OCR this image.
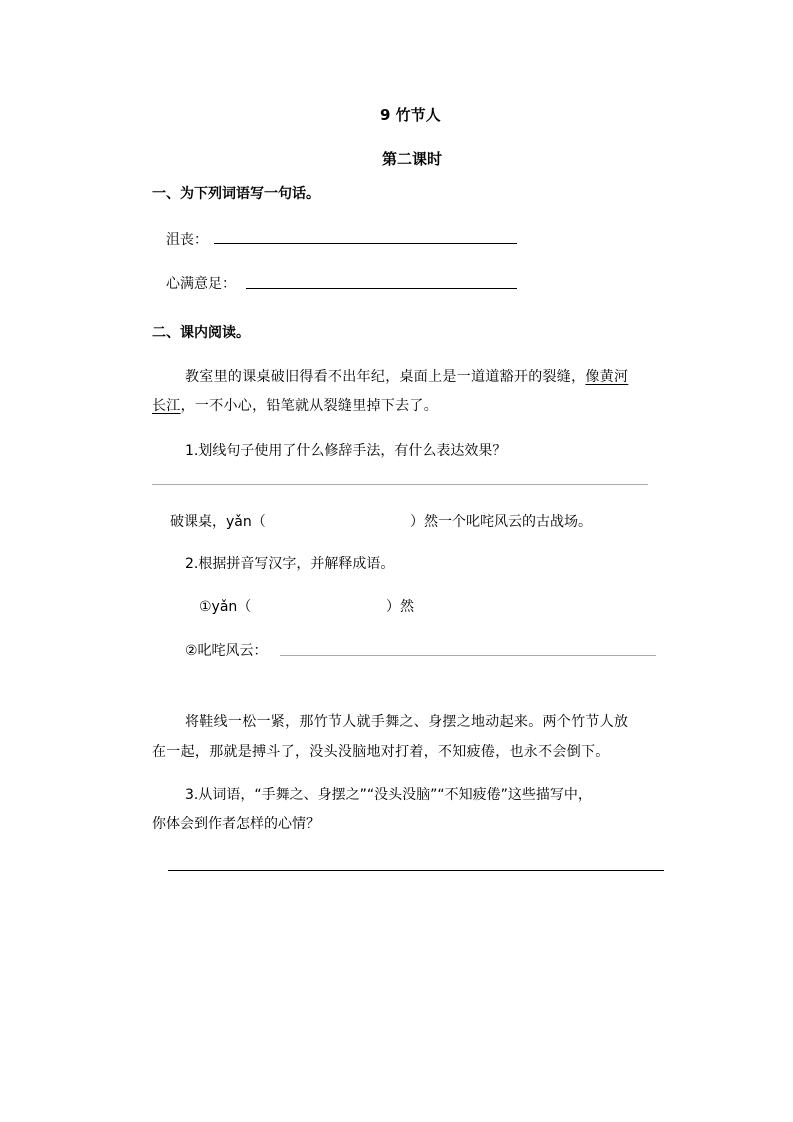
9 竹节人
第二课时
一、为下列词语写一句话。
沮丧：
心满意足：
二、课内阅读。
教室里的课桌破旧得看不出年纪，桌面上是一道道豁开的裂缝，像黄河
长江，一不小心，铅笔就从裂缝里掉下去了。
1.划线句子使用了什么修辞手法，有什么表达效果？
破课桌，yǎn（	）然一个叱咤风云的古战场。
2.根据拼音写汉字，并解释成语。
①yǎn（	）然
②叱咤风云：
将鞋线一松一紧，那竹节人就手舞之、身摆之地动起来。两个竹节人放
在一起，那就是搏斗了，没头没脑地对打着，不知疲倦，也永不会倒下。
3.从词语，“手舞之、身摆之”“没头没脑”“不知疲倦”这些描写中，
你体会到作者怎样的心情？
